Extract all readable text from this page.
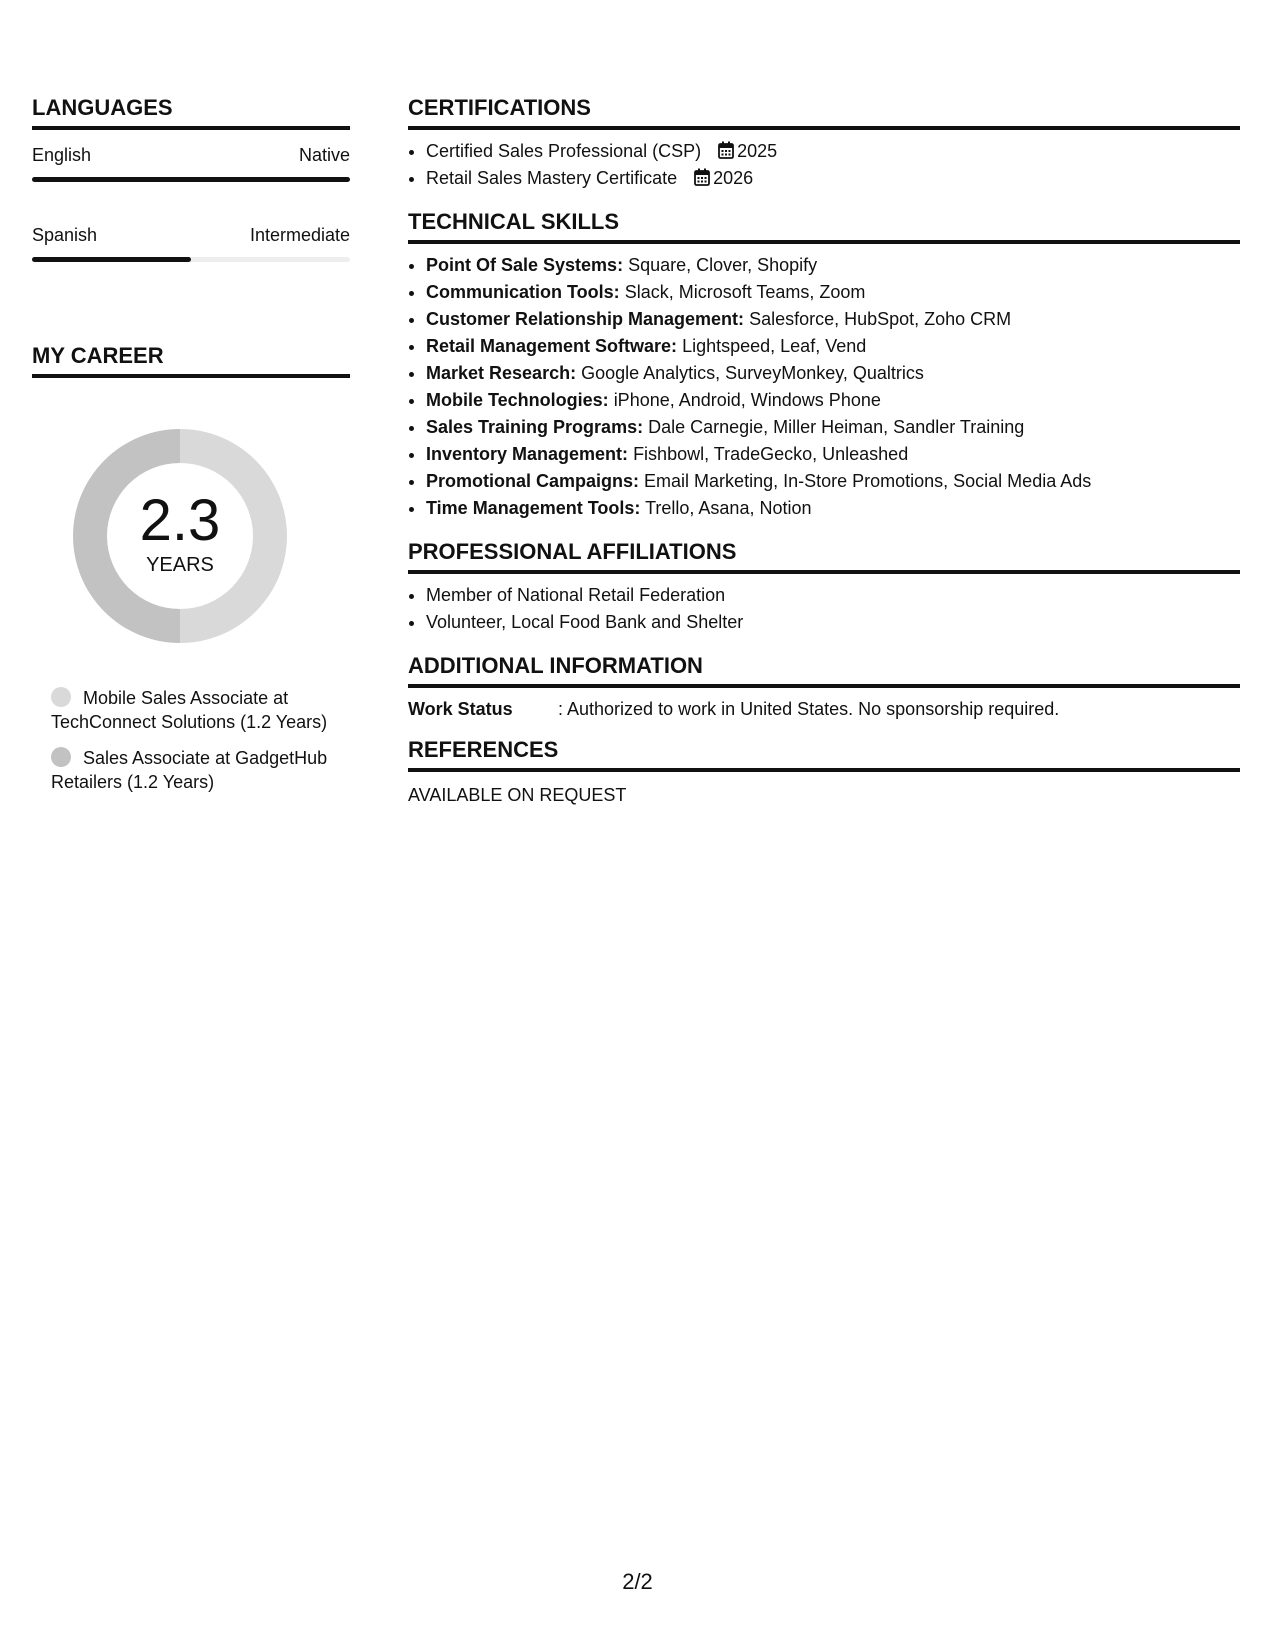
LANGUAGES
English	Native
Spanish	Intermediate
MY CAREER
2.3
YEARS
Mobile Sales Associate at TechConnect Solutions (1.2 Years)
Sales Associate at GadgetHub Retailers (1.2 Years)
CERTIFICATIONS
• Certified Sales Professional (CSP) 2025
• Retail Sales Mastery Certificate 2026
TECHNICAL SKILLS
• Point Of Sale Systems: Square, Clover, Shopify
• Communication Tools: Slack, Microsoft Teams, Zoom
• Customer Relationship Management: Salesforce, HubSpot, Zoho CRM
• Retail Management Software: Lightspeed, Leaf, Vend
• Market Research: Google Analytics, SurveyMonkey, Qualtrics
• Mobile Technologies: iPhone, Android, Windows Phone
• Sales Training Programs: Dale Carnegie, Miller Heiman, Sandler Training
• Inventory Management: Fishbowl, TradeGecko, Unleashed
• Promotional Campaigns: Email Marketing, In-Store Promotions, Social Media Ads
• Time Management Tools: Trello, Asana, Notion
PROFESSIONAL AFFILIATIONS
• Member of National Retail Federation
• Volunteer, Local Food Bank and Shelter
ADDITIONAL INFORMATION
Work Status	: Authorized to work in United States. No sponsorship required.
REFERENCES
AVAILABLE ON REQUEST
2/2
